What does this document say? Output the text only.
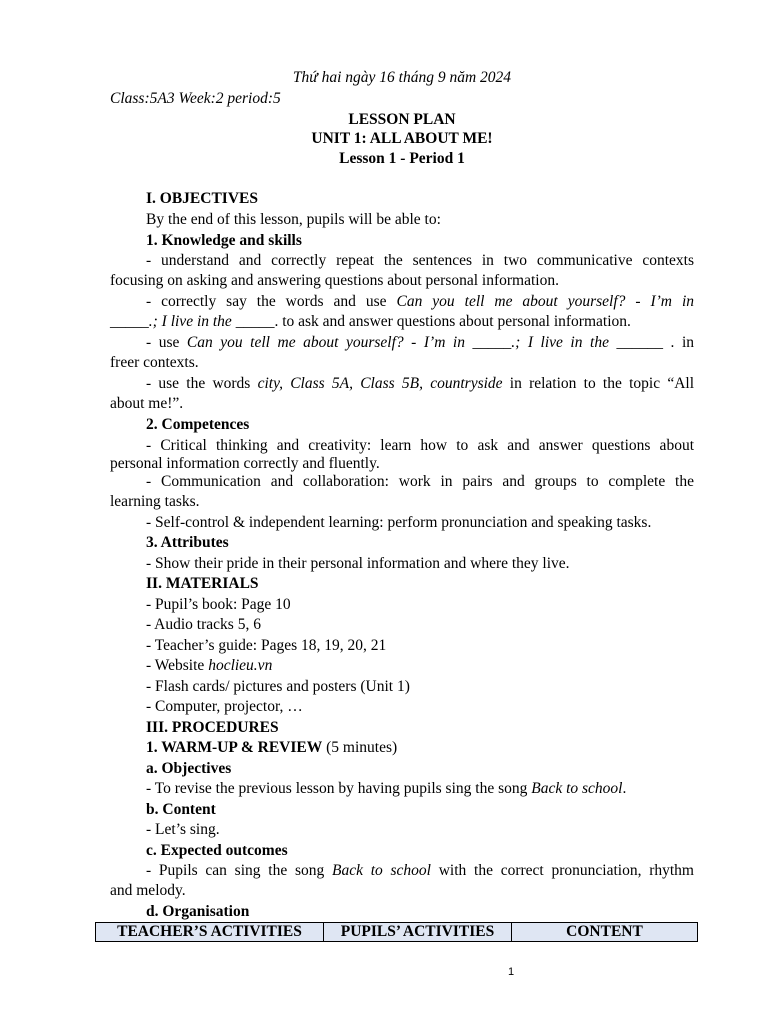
Thứ hai ngày 16 tháng 9 năm 2024
Class:5A3 Week:2 period:5
LESSON PLAN
UNIT 1: ALL ABOUT ME!
Lesson 1 - Period 1
I. OBJECTIVES
By the end of this lesson, pupils will be able to:
1. Knowledge and skills
- understand and correctly repeat the sentences in two communicative contexts
focusing on asking and answering questions about personal information.
- correctly say the words and use Can you tell me about yourself? - I’m in
_____.; I live in the _____. to ask and answer questions about personal information.
- use Can you tell me about yourself? - I’m in _____.; I live in the ______ . in
freer contexts.
- use the words city, Class 5A, Class 5B, countryside in relation to the topic “All
about me!”.
2. Competences
- Critical thinking and creativity: learn how to ask and answer questions about
personal information correctly and fluently.
- Communication and collaboration: work in pairs and groups to complete the
learning tasks.
- Self-control & independent learning: perform pronunciation and speaking tasks.
3. Attributes
- Show their pride in their personal information and where they live.
II. MATERIALS
- Pupil’s book: Page 10
- Audio tracks 5, 6
- Teacher’s guide: Pages 18, 19, 20, 21
- Website hoclieu.vn
- Flash cards/ pictures and posters (Unit 1)
- Computer, projector, …
III. PROCEDURES
1. WARM-UP & REVIEW (5 minutes)
a. Objectives
- To revise the previous lesson by having pupils sing the song Back to school.
b. Content
- Let’s sing.
c. Expected outcomes
- Pupils can sing the song Back to school with the correct pronunciation, rhythm
and melody.
d. Organisation
TEACHER’S ACTIVITIES	PUPILS’ ACTIVITIES	CONTENT
1
